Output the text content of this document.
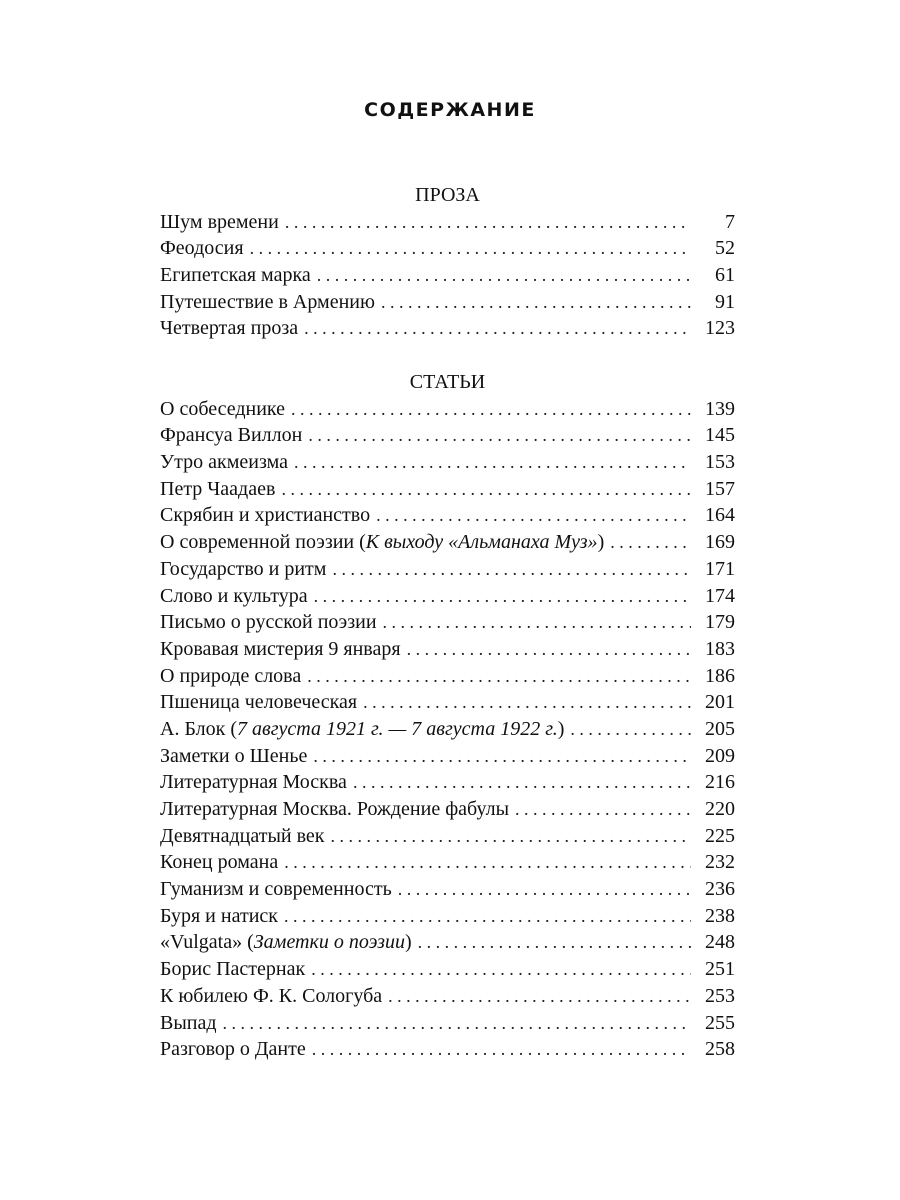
СОДЕРЖАНИЕ
ПРОЗА
Шум времени . . .	7
Феодосия . . .	52
Египетская марка . . .	61
Путешествие в Армению . . .	91
Четвертая проза . . .	123
СТАТЬИ
О собеседнике . . .	139
Франсуа Виллон . . .	145
Утро акмеизма . . .	153
Петр Чаадаев . . .	157
Скрябин и христианство . . .	164
О современной поэзии (К выходу «Альманаха Муз») . . .	169
Государство и ритм . . .	171
Слово и культура . . .	174
Письмо о русской поэзии . . .	179
Кровавая мистерия 9 января . . .	183
О природе слова . . .	186
Пшеница человеческая . . .	201
А. Блок (7 августа 1921 г. — 7 августа 1922 г.) . . .	205
Заметки о Шенье . . .	209
Литературная Москва . . .	216
Литературная Москва. Рождение фабулы . . .	220
Девятнадцатый век . . .	225
Конец романа . . .	232
Гуманизм и современность . . .	236
Буря и натиск . . .	238
«Vulgata» (Заметки о поэзии) . . .	248
Борис Пастернак . . .	251
К юбилею Ф. К. Сологуба . . .	253
Выпад . . .	255
Разговор о Данте . . .	258
